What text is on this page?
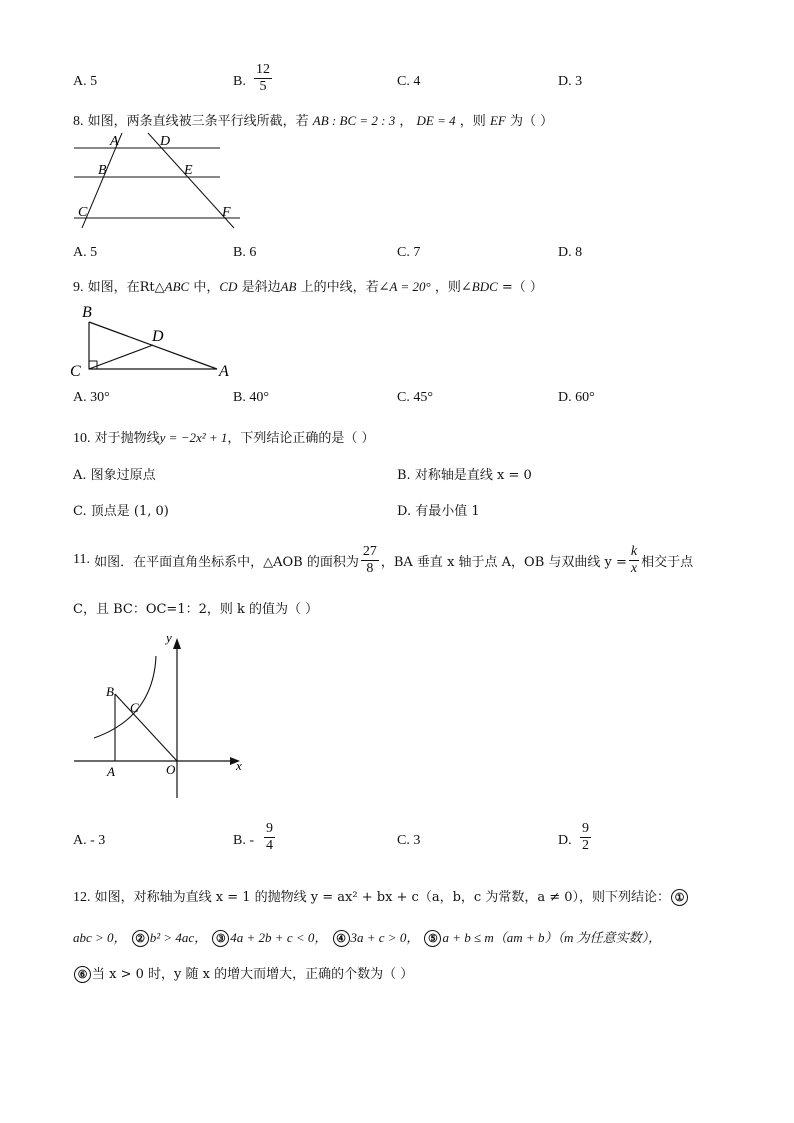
A. 5	B. $\frac{12}{5}$	C. 4	D. 3
8. 如图，两条直线被三条平行线所截，若 AB : BC = 2 : 3 ， DE = 4 ，则 EF 为（ ）
A	D
B	E
C	F
A. 5	B. 6	C. 7	D. 8
9. 如图，在Rt△ABC 中，CD 是斜边AB 上的中线，若∠A = 20° ，则∠BDC =（ ）
B
D
C	A
A. 30°	B. 40°	C. 45°	D. 60°
10. 对于抛物线y = −2x² + 1，下列结论正确的是（ ）
A. 图象过原点	B. 对称轴是直线 x = 0
C. 顶点是 (1, 0)	D. 有最小值 1
11.
如图．在平面直角坐标系中，△AOB 的面积为 $\frac{27}{8}$ ，BA 垂直 x 轴于点 A，OB 与双曲线 $y = \frac{k}{x}$ 相交于点
C，且 BC：OC=1：2，则 k 的值为（ ）
y
B
C
A	O	x
A. - 3	B. - $\frac{9}{4}$	C. 3	D. $\frac{9}{2}$
12. 如图，对称轴为直线 x = 1 的抛物线 y = ax² + bx + c（a，b，c 为常数，a ≠ 0），则下列结论： ①
abc > 0， ② b² > 4ac， ③ 4a + 2b + c < 0， ④ 3a + c > 0， ⑤ a + b ≤ m（am + b）（m 为任意实数），
⑥ 当 x > 0 时，y 随 x 的增大而增大，正确的个数为（ ）
